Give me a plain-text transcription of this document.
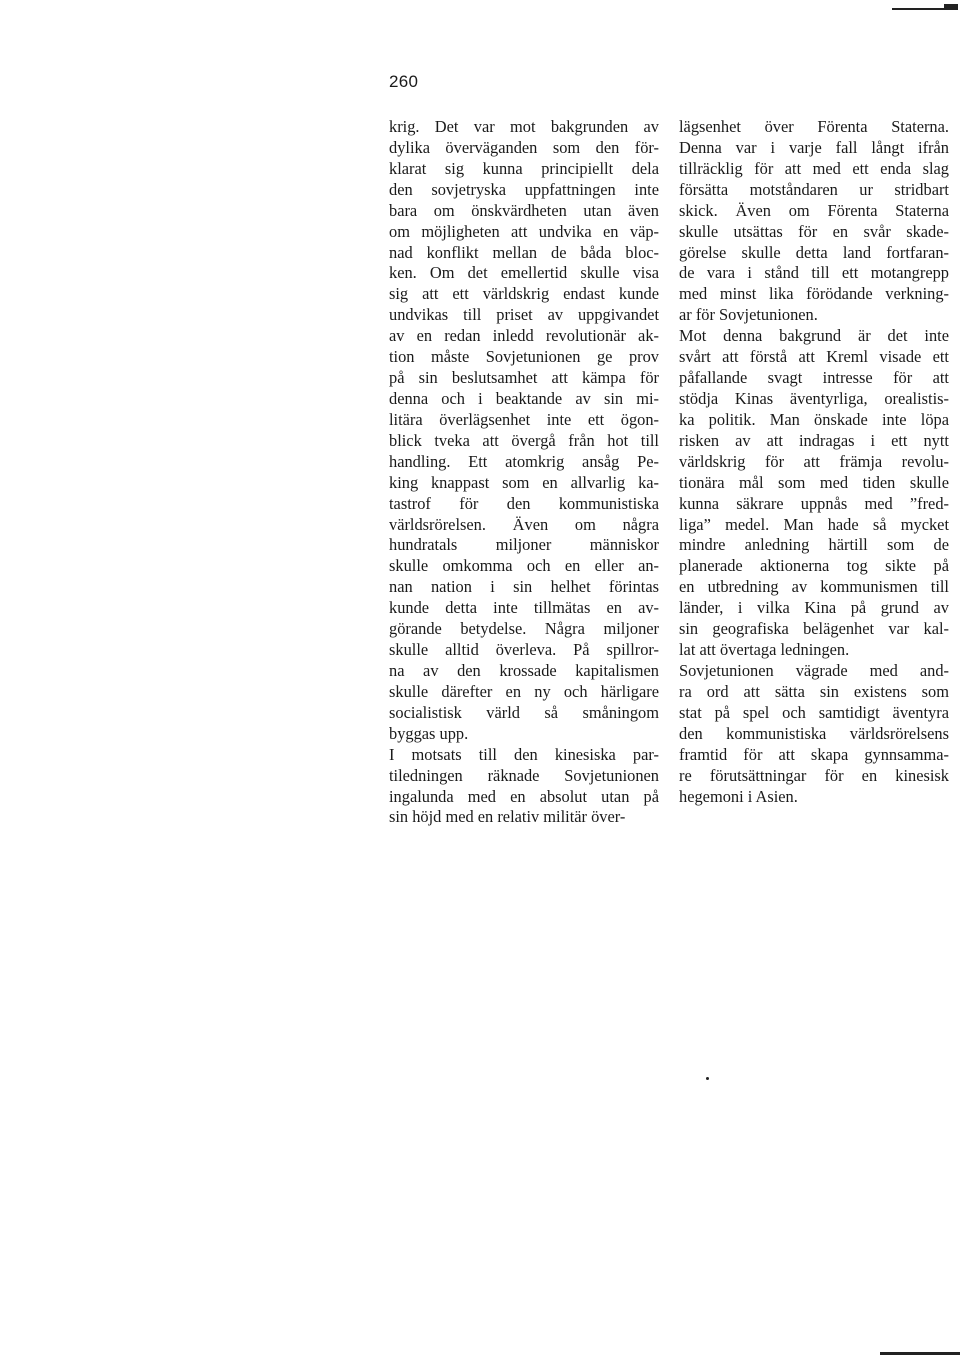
260
krig. Det var mot bakgrunden av
dylika överväganden som den för-
klarat sig kunna principiellt dela
den sovjetryska uppfattningen inte
bara om önskvärdheten utan även
om möjligheten att undvika en väp-
nad konflikt mellan de båda bloc-
ken. Om det emellertid skulle visa
sig att ett världskrig endast kunde
undvikas till priset av uppgivandet
av en redan inledd revolutionär ak-
tion måste Sovjetunionen ge prov
på sin beslutsamhet att kämpa för
denna och i beaktande av sin mi-
litära överlägsenhet inte ett ögon-
blick tveka att övergå från hot till
handling. Ett atomkrig ansåg Pe-
king knappast som en allvarlig ka-
tastrof för den kommunistiska
världsrörelsen. Även om några
hundratals miljoner människor
skulle omkomma och en eller an-
nan nation i sin helhet förintas
kunde detta inte tillmätas en av-
görande betydelse. Några miljoner
skulle alltid överleva. På spillror-
na av den krossade kapitalismen
skulle därefter en ny och härligare
socialistisk värld så småningom
byggas upp.
I motsats till den kinesiska par-
tiledningen räknade Sovjetunionen
ingalunda med en absolut utan på
sin höjd med en relativ militär över-
lägsenhet över Förenta Staterna.
Denna var i varje fall långt ifrån
tillräcklig för att med ett enda slag
försätta motståndaren ur stridbart
skick. Även om Förenta Staterna
skulle utsättas för en svår skade-
görelse skulle detta land fortfaran-
de vara i stånd till ett motangrepp
med minst lika förödande verkning-
ar för Sovjetunionen.
Mot denna bakgrund är det inte
svårt att förstå att Kreml visade ett
påfallande svagt intresse för att
stödja Kinas äventyrliga, orealistis-
ka politik. Man önskade inte löpa
risken av att indragas i ett nytt
världskrig för att främja revolu-
tionära mål som med tiden skulle
kunna säkrare uppnås med ”fred-
liga” medel. Man hade så mycket
mindre anledning härtill som de
planerade aktionerna tog sikte på
en utbredning av kommunismen till
länder, i vilka Kina på grund av
sin geografiska belägenhet var kal-
lat att övertaga ledningen.
Sovjetunionen vägrade med and-
ra ord att sätta sin existens som
stat på spel och samtidigt äventyra
den kommunistiska världsrörelsens
framtid för att skapa gynnsamma-
re förutsättningar för en kinesisk
hegemoni i Asien.
